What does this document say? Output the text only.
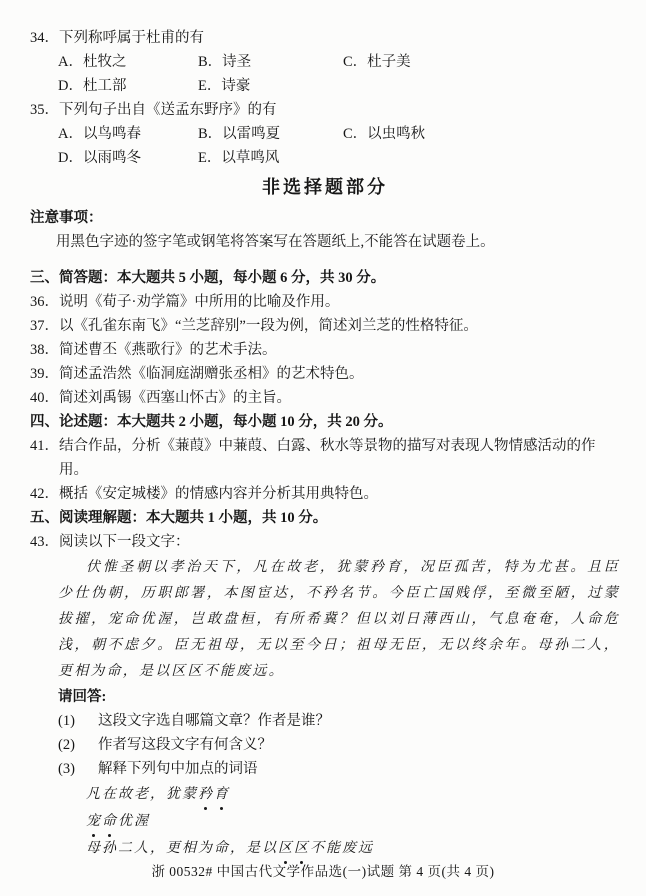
34． 下列称呼属于杜甫的有
A．杜牧之	B．诗圣	C．杜子美
D．杜工部	E．诗豪
35． 下列句子出自《送孟东野序》的有
A．以鸟鸣春	B．以雷鸣夏	C．以虫鸣秋
D．以雨鸣冬	E．以草鸣风
非选择题部分
注意事项：
用黑色字迹的签字笔或钢笔将答案写在答题纸上,不能答在试题卷上。
三、简答题：本大题共 5 小题，每小题 6 分，共 30 分。
36． 说明《荀子·劝学篇》中所用的比喻及作用。
37． 以《孔雀东南飞》“兰芝辞别”一段为例，简述刘兰芝的性格特征。
38． 简述曹丕《燕歌行》的艺术手法。
39． 简述孟浩然《临洞庭湖赠张丞相》的艺术特色。
40． 简述刘禹锡《西塞山怀古》的主旨。
四、论述题：本大题共 2 小题，每小题 10 分，共 20 分。
41． 结合作品，分析《蒹葭》中蒹葭、白露、秋水等景物的描写对表现人物情感活动的作用。
42． 概括《安定城楼》的情感内容并分析其用典特色。
五、阅读理解题：本大题共 1 小题，共 10 分。
43． 阅读以下一段文字：

伏惟圣朝以孝治天下，凡在故老，犹蒙矜育，况臣孤苦，特为尤甚。且臣少仕伪朝，历职郎署，本图宦达，不矜名节。今臣亡国贱俘，至微至陋，过蒙拔擢，宠命优渥，岂敢盘桓，有所希冀？但以刘日薄西山，气息奄奄，人命危浅，朝不虑夕。臣无祖母，无以至今日；祖母无臣，无以终余年。母孙二人，更相为命，是以区区不能废远。

请回答:
(1)	这段文字选自哪篇文章？作者是谁？
(2)	作者写这段文字有何含义？
(3)	解释下列句中加点的词语
凡在故老，犹蒙矜育
宠命优渥
母孙二人，更相为命，是以区区不能废远
浙 00532# 中国古代文学作品选(一)试题 第 4 页(共 4 页)
